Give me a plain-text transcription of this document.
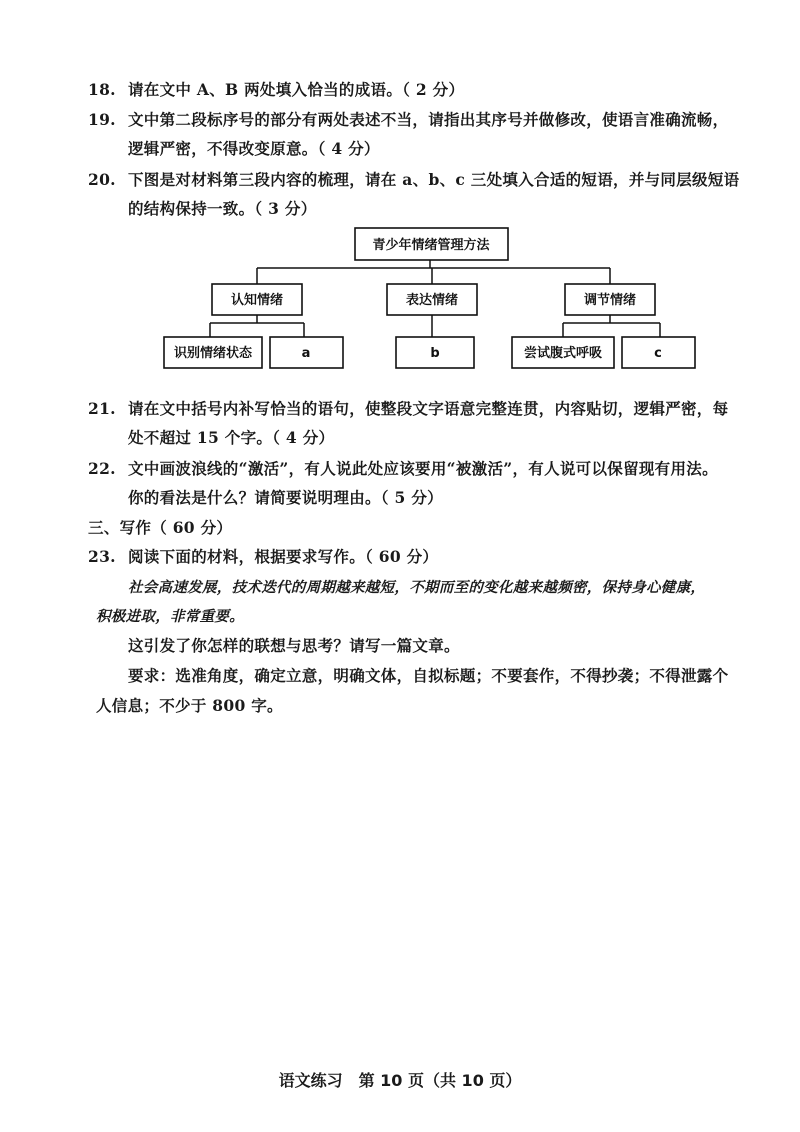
18. 请在文中 A、B 两处填入恰当的成语。（ 2 分）
19. 文中第二段标序号的部分有两处表述不当，请指出其序号并做修改，使语言准确流畅，
逻辑严密，不得改变原意。（ 4 分）
20. 下图是对材料第三段内容的梳理，请在 a、b、c 三处填入合适的短语，并与同层级短语
的结构保持一致。（ 3 分）
青少年情绪管理方法
认知情绪	表达情绪	调节情绪
识别情绪状态	a	b	尝试腹式呼吸	c
21. 请在文中括号内补写恰当的语句，使整段文字语意完整连贯，内容贴切，逻辑严密，每
处不超过 15 个字。（ 4 分）
22. 文中画波浪线的“激活”，有人说此处应该要用“被激活”，有人说可以保留现有用法。
你的看法是什么？请简要说明理由。（ 5 分）
三、写作（ 60 分）
23. 阅读下面的材料，根据要求写作。（ 60 分）
社会高速发展，技术迭代的周期越来越短，不期而至的变化越来越频密，保持身心健康，
积极进取，非常重要。
这引发了你怎样的联想与思考？请写一篇文章。
要求：选准角度，确定立意，明确文体，自拟标题；不要套作，不得抄袭；不得泄露个
人信息；不少于 800 字。
语文练习　第 10 页（共 10 页）
